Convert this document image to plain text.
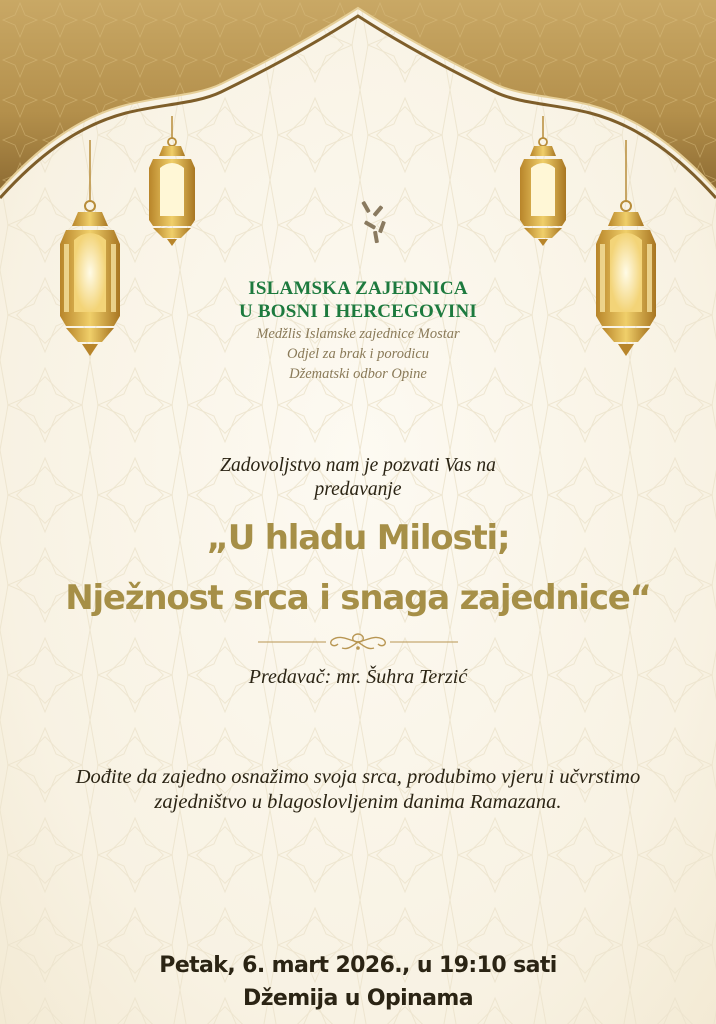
ISLAMSKA ZAJEDNICA

U BOSNI I HERCEGOVINI

Medžlis Islamske zajednice Mostar

Odjel za brak i porodicu

Džematski odbor Opine

Zadovoljstvo nam je pozvati Vas na

predavanje

„U hladu Milosti;

Nježnost srca i snaga zajednice“

Predavač: mr. Šuhra Terzić

Dođite da zajedno osnažimo svoja srca, produbimo vjeru i učvrstimo

zajedništvo u blagoslovljenim danima Ramazana.

Petak, 6. mart 2026., u 19:10 sati

Džemija u Opinama
